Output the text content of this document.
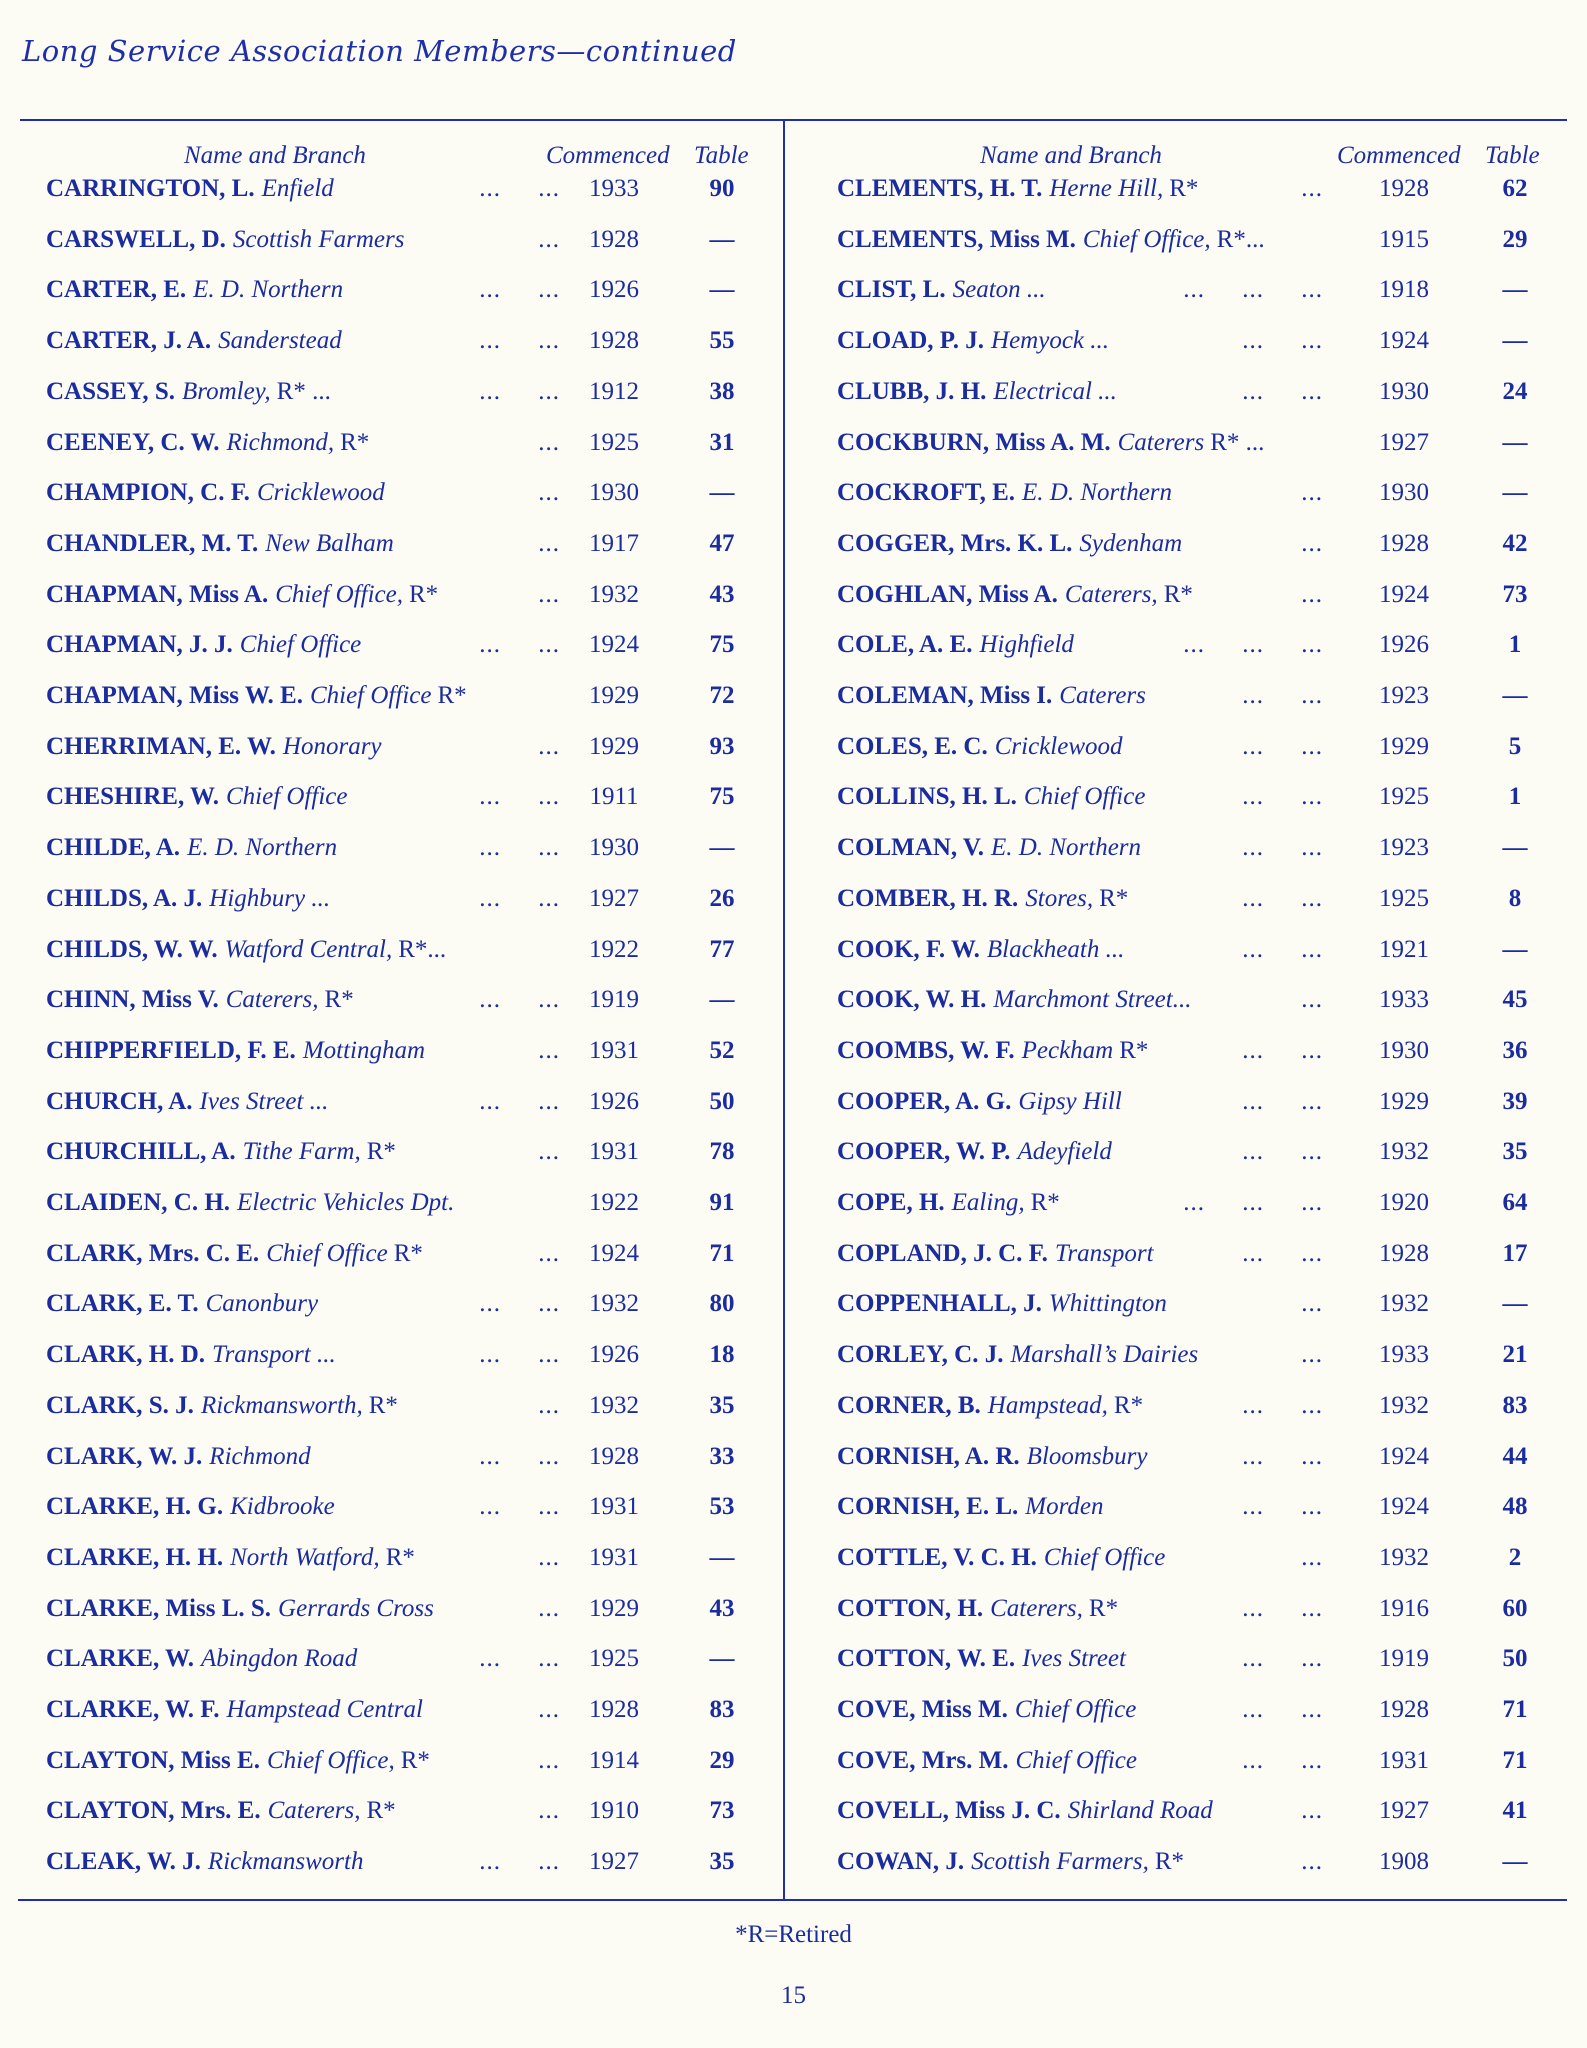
Long Service Association Members—continued
Name and Branch	Commenced Table
CARRINGTON, L. Enfield	... ...	1933	90
CARSWELL, D. Scottish Farmers	...	1928	—
CARTER, E. E. D. Northern	... ...	1926	—
CARTER, J. A. Sanderstead	... ...	1928	55
CASSEY, S. Bromley, R* ...	... ...	1912	38
CEENEY, C. W. Richmond, R*	...	1925	31
CHAMPION, C. F. Cricklewood	...	1930	—
CHANDLER, M. T. New Balham	...	1917	47
CHAPMAN, Miss A. Chief Office, R*	...	1932	43
CHAPMAN, J. J. Chief Office	... ...	1924	75
CHAPMAN, Miss W. E. Chief Office R*	1929	72
CHERRIMAN, E. W. Honorary	...	1929	93
CHESHIRE, W. Chief Office	... ...	1911	75
CHILDE, A. E. D. Northern	... ...	1930	—
CHILDS, A. J. Highbury ...	... ...	1927	26
CHILDS, W. W. Watford Central, R*...	1922	77
CHINN, Miss V. Caterers, R*	... ...	1919	—
CHIPPERFIELD, F. E. Mottingham	...	1931	52
CHURCH, A. Ives Street ...	... ...	1926	50
CHURCHILL, A. Tithe Farm, R*	...	1931	78
CLAIDEN, C. H. Electric Vehicles Dpt.	1922	91
CLARK, Mrs. C. E. Chief Office R*	...	1924	71
CLARK, E. T. Canonbury	... ...	1932	80
CLARK, H. D. Transport ...	... ...	1926	18
CLARK, S. J. Rickmansworth, R*	...	1932	35
CLARK, W. J. Richmond	... ...	1928	33
CLARKE, H. G. Kidbrooke	... ...	1931	53
CLARKE, H. H. North Watford, R*	...	1931	—
CLARKE, Miss L. S. Gerrards Cross	...	1929	43
CLARKE, W. Abingdon Road	... ...	1925	—
CLARKE, W. F. Hampstead Central	...	1928	83
CLAYTON, Miss E. Chief Office, R*	...	1914	29
CLAYTON, Mrs. E. Caterers, R*	...	1910	73
CLEAK, W. J. Rickmansworth	... ...	1927	35
Name and Branch	Commenced Table
CLEMENTS, H. T. Herne Hill, R*	...	1928	62
CLEMENTS, Miss M. Chief Office, R*...	1915	29
CLIST, L. Seaton ...	... ... ...	1918	—
CLOAD, P. J. Hemyock ...	... ...	1924	—
CLUBB, J. H. Electrical ...	... ...	1930	24
COCKBURN, Miss A. M. Caterers R* ...	1927	—
COCKROFT, E. E. D. Northern	...	1930	—
COGGER, Mrs. K. L. Sydenham	...	1928	42
COGHLAN, Miss A. Caterers, R*	...	1924	73
COLE, A. E. Highfield	... ... ...	1926	1
COLEMAN, Miss I. Caterers	... ...	1923	—
COLES, E. C. Cricklewood	... ...	1929	5
COLLINS, H. L. Chief Office	... ...	1925	1
COLMAN, V. E. D. Northern	... ...	1923	—
COMBER, H. R. Stores, R*	... ...	1925	8
COOK, F. W. Blackheath ...	... ...	1921	—
COOK, W. H. Marchmont Street...	...	1933	45
COOMBS, W. F. Peckham R*	... ...	1930	36
COOPER, A. G. Gipsy Hill	... ...	1929	39
COOPER, W. P. Adeyfield	... ...	1932	35
COPE, H. Ealing, R*	... ... ...	1920	64
COPLAND, J. C. F. Transport	... ...	1928	17
COPPENHALL, J. Whittington	...	1932	—
CORLEY, C. J. Marshall’s Dairies	...	1933	21
CORNER, B. Hampstead, R*	... ...	1932	83
CORNISH, A. R. Bloomsbury	... ...	1924	44
CORNISH, E. L. Morden	... ...	1924	48
COTTLE, V. C. H. Chief Office	...	1932	2
COTTON, H. Caterers, R*	... ...	1916	60
COTTON, W. E. Ives Street	... ...	1919	50
COVE, Miss M. Chief Office	... ...	1928	71
COVE, Mrs. M. Chief Office	... ...	1931	71
COVELL, Miss J. C. Shirland Road	...	1927	41
COWAN, J. Scottish Farmers, R*	...	1908	—
*R=Retired
15
